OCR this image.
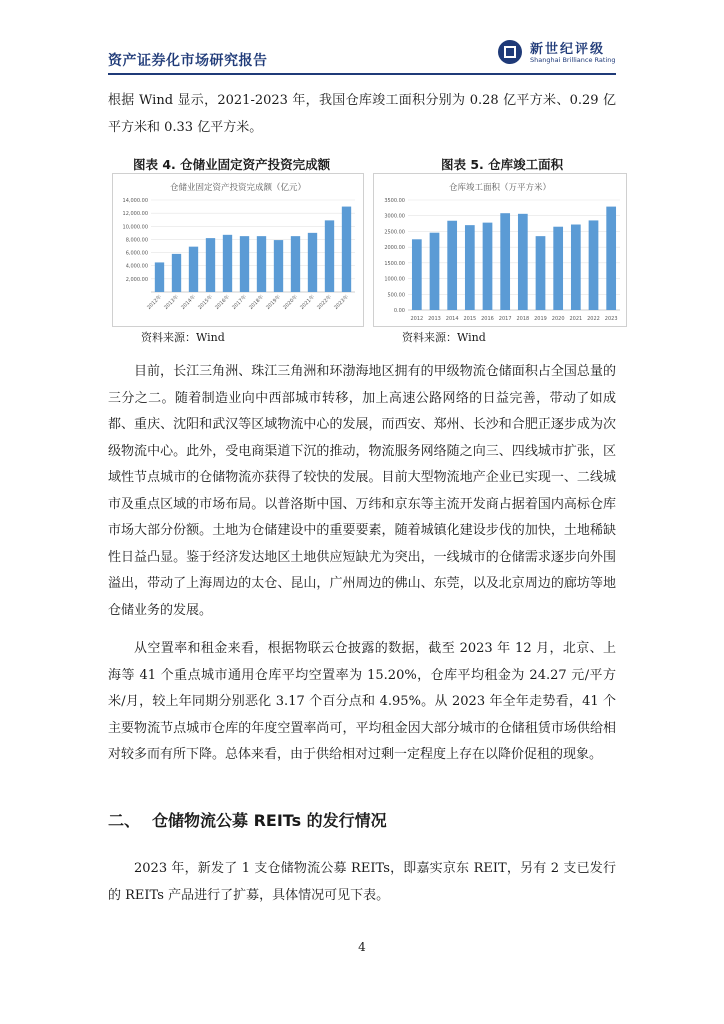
资产证券化市场研究报告
新世纪评级
Shanghai Brilliance Rating
根据 Wind 显示，2021-2023 年，我国仓库竣工面积分别为 0.28 亿平方米、0.29 亿平方米和 0.33 亿平方米。
图表 4. 仓储业固定资产投资完成额	图表 5. 仓库竣工面积
仓储业固定资产投资完成额（亿元）
2,000.00
4,000.00
6,000.00
8,000.00
10,000.00
12,000.00
14,000.00
2012年 2013年 2014年 2015年 2016年 2017年 2018年 2019年 2020年 2021年 2022年 2023年
仓库竣工面积（万平方米）
0.00
500.00
1000.00
1500.00
2000.00
2500.00
3000.00
3500.00
2012 2013 2014 2015 2016 2017 2018 2019 2020 2021 2022 2023
资料来源：Wind	资料来源：Wind
目前，长江三角洲、珠江三角洲和环渤海地区拥有的甲级物流仓储面积占全国总量的三分之二。随着制造业向中西部城市转移，加上高速公路网络的日益完善，带动了如成都、重庆、沈阳和武汉等区域物流中心的发展，而西安、郑州、长沙和合肥正逐步成为次级物流中心。此外，受电商渠道下沉的推动，物流服务网络随之向三、四线城市扩张，区域性节点城市的仓储物流亦获得了较快的发展。目前大型物流地产企业已实现一、二线城市及重点区域的市场布局。以普洛斯中国、万纬和京东等主流开发商占据着国内高标仓库市场大部分份额。土地为仓储建设中的重要要素，随着城镇化建设步伐的加快，土地稀缺性日益凸显。鉴于经济发达地区土地供应短缺尤为突出，一线城市的仓储需求逐步向外围溢出，带动了上海周边的太仓、昆山，广州周边的佛山、东莞，以及北京周边的廊坊等地仓储业务的发展。
从空置率和租金来看，根据物联云仓披露的数据，截至 2023 年 12 月，北京、上海等 41 个重点城市通用仓库平均空置率为 15.20%，仓库平均租金为 24.27 元/平方米/月，较上年同期分别恶化 3.17 个百分点和 4.95%。从 2023 年全年走势看，41 个主要物流节点城市仓库的年度空置率尚可，平均租金因大部分城市的仓储租赁市场供给相对较多而有所下降。总体来看，由于供给相对过剩一定程度上存在以降价促租的现象。
二、 仓储物流公募 REITs 的发行情况
2023 年，新发了 1 支仓储物流公募 REITs，即嘉实京东 REIT，另有 2 支已发行的 REITs 产品进行了扩募，具体情况可见下表。
4
